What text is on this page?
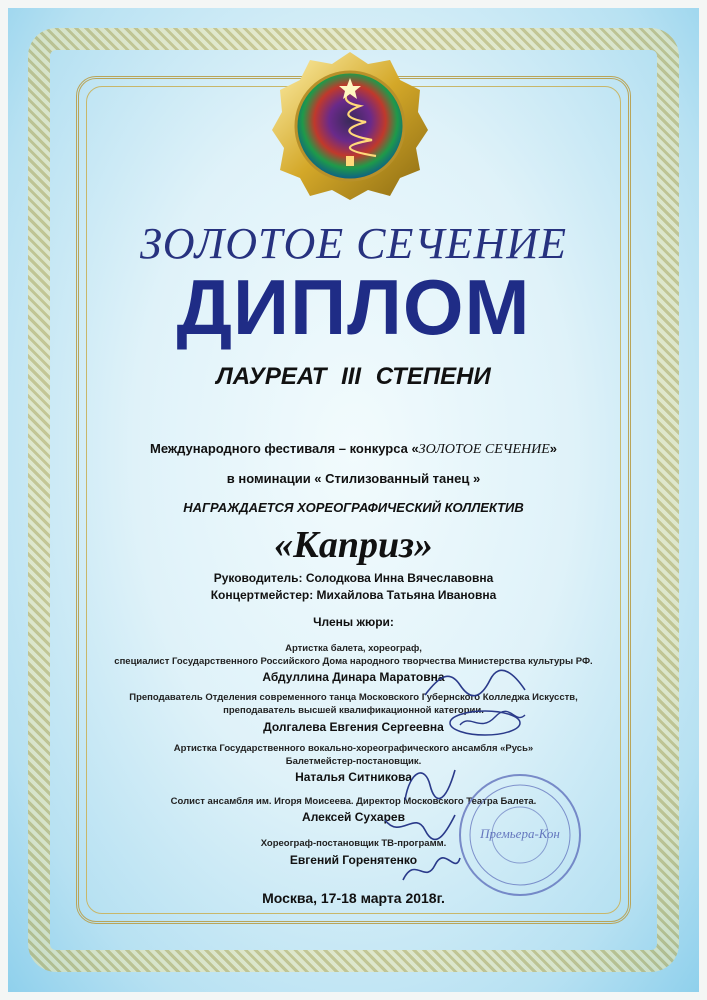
ЗОЛОТОЕ СЕЧЕНИЕ
ДИПЛОМ
ЛАУРЕАТ III СТЕПЕНИ
Международного фестиваля – конкурса «ЗОЛОТОЕ СЕЧЕНИЕ»
в номинации « Стилизованный танец »
НАГРАЖДАЕТСЯ ХОРЕОГРАФИЧЕСКИЙ КОЛЛЕКТИВ
«Каприз»
Руководитель: Солодкова Инна Вячеславовна
Концертмейстер: Михайлова Татьяна Ивановна
Члены жюри:
Артистка балета, хореограф,
специалист Государственного Российского Дома народного творчества Министерства культуры РФ.
Абдуллина Динара Маратовна
Преподаватель Отделения современного танца Московского Губернского Колледжа Искусств,
преподаватель высшей квалификационной категории.
Долгалева Евгения Сергеевна
Артистка Государственного вокально-хореографического ансамбля «Русь»
Балетмейстер-постановщик.
Наталья Ситникова
Солист ансамбля им. Игоря Моисеева. Директор Московского Театра Балета.
Алексей Сухарев
Хореограф-постановщик ТВ-программ.
Евгений Горенятенко
Москва, 17-18 марта 2018г.
Премьера-Кон
